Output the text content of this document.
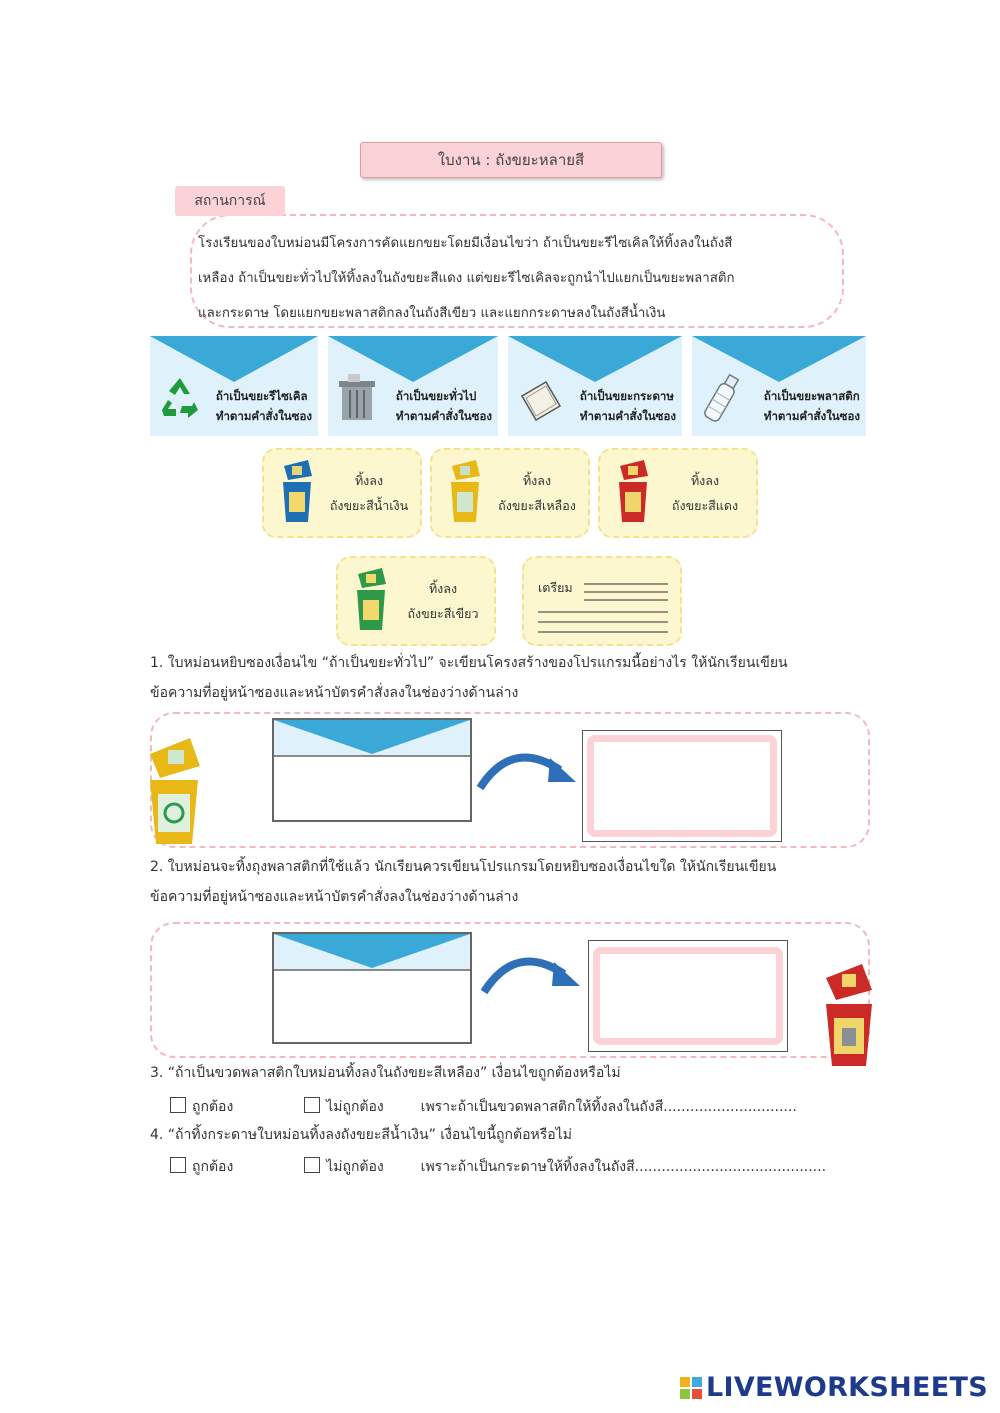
ใบงาน : ถังขยะหลายสี
สถานการณ์
โรงเรียนของใบหม่อนมีโครงการคัดแยกขยะโดยมีเงื่อนไขว่า ถ้าเป็นขยะรีไซเคิลให้ทิ้งลงในถังสี
เหลือง ถ้าเป็นขยะทั่วไปให้ทิ้งลงในถังขยะสีแดง แต่ขยะรีไซเคิลจะถูกนำไปแยกเป็นขยะพลาสติก
และกระดาษ โดยแยกขยะพลาสติกลงในถังสีเขียว และแยกกระดาษลงในถังสีน้ำเงิน
ถ้าเป็นขยะรีไซเคิล
ทำตามคำสั่งในซอง
ถ้าเป็นขยะทั่วไป
ทำตามคำสั่งในซอง
ถ้าเป็นขยะกระดาษ
ทำตามคำสั่งในซอง
ถ้าเป็นขยะพลาสติก
ทำตามคำสั่งในซอง
ทิ้งลง
ถังขยะสีน้ำเงิน
ทิ้งลง
ถังขยะสีเหลือง
ทิ้งลง
ถังขยะสีแดง
ทิ้งลง
ถังขยะสีเขียว
เตรียม
1. ใบหม่อนหยิบซองเงื่อนไข “ถ้าเป็นขยะทั่วไป” จะเขียนโครงสร้างของโปรแกรมนี้อย่างไร ให้นักเรียนเขียน
ข้อความที่อยู่หน้าซองและหน้าบัตรคำสั่งลงในช่องว่างด้านล่าง
2. ใบหม่อนจะทิ้งถุงพลาสติกที่ใช้แล้ว นักเรียนควรเขียนโปรแกรมโดยหยิบซองเงื่อนไขใด ให้นักเรียนเขียน
ข้อความที่อยู่หน้าซองและหน้าบัตรคำสั่งลงในช่องว่างด้านล่าง
3. “ถ้าเป็นขวดพลาสติกใบหม่อนทิ้งลงในถังขยะสีเหลือง” เงื่อนไขถูกต้องหรือไม่
ถูกต้อง	ไม่ถูกต้อง	เพราะถ้าเป็นขวดพลาสติกให้ทิ้งลงในถังสี..............................
4. “ถ้าทิ้งกระดาษใบหม่อนทิ้งลงถังขยะสีน้ำเงิน” เงื่อนไขนี้ถูกต้อหรือไม่
ถูกต้อง	ไม่ถูกต้อง	เพราะถ้าเป็นกระดาษให้ทิ้งลงในถังสี...........................................
LIVEWORKSHEETS
